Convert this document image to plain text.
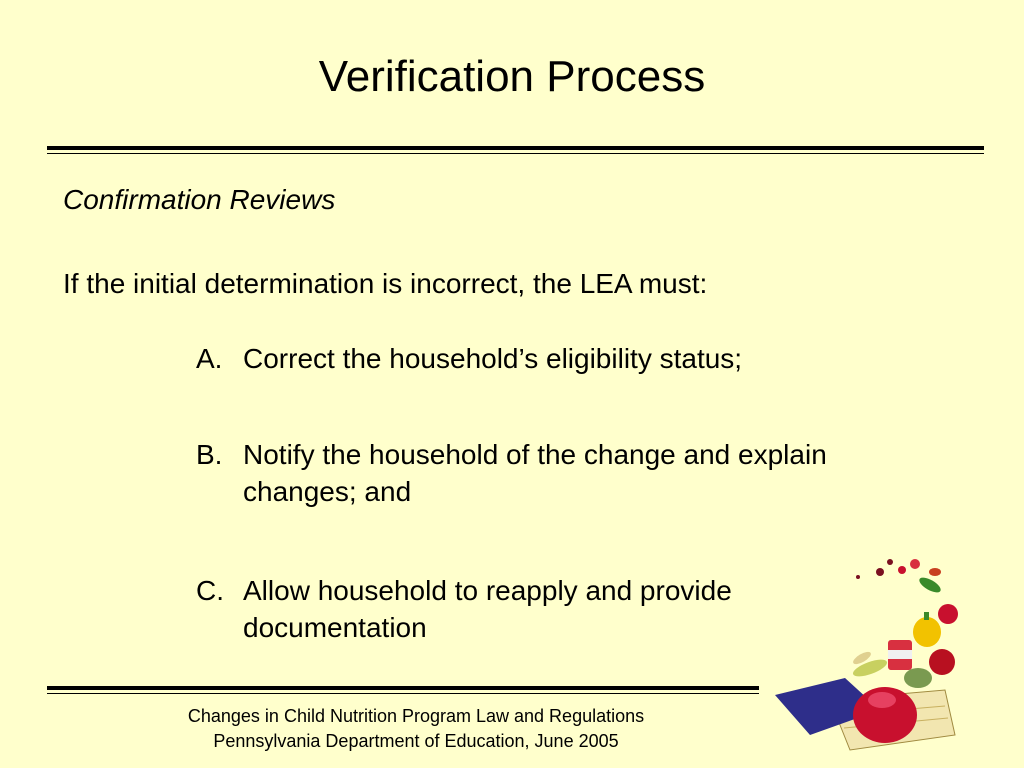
Verification Process
Confirmation Reviews
If the initial determination is incorrect, the LEA must:
A. Correct the household’s eligibility status;
B. Notify the household of the change and explain changes; and
C. Allow household to reapply and provide documentation
Changes in Child Nutrition Program Law and Regulations
Pennsylvania Department of Education, June 2005
